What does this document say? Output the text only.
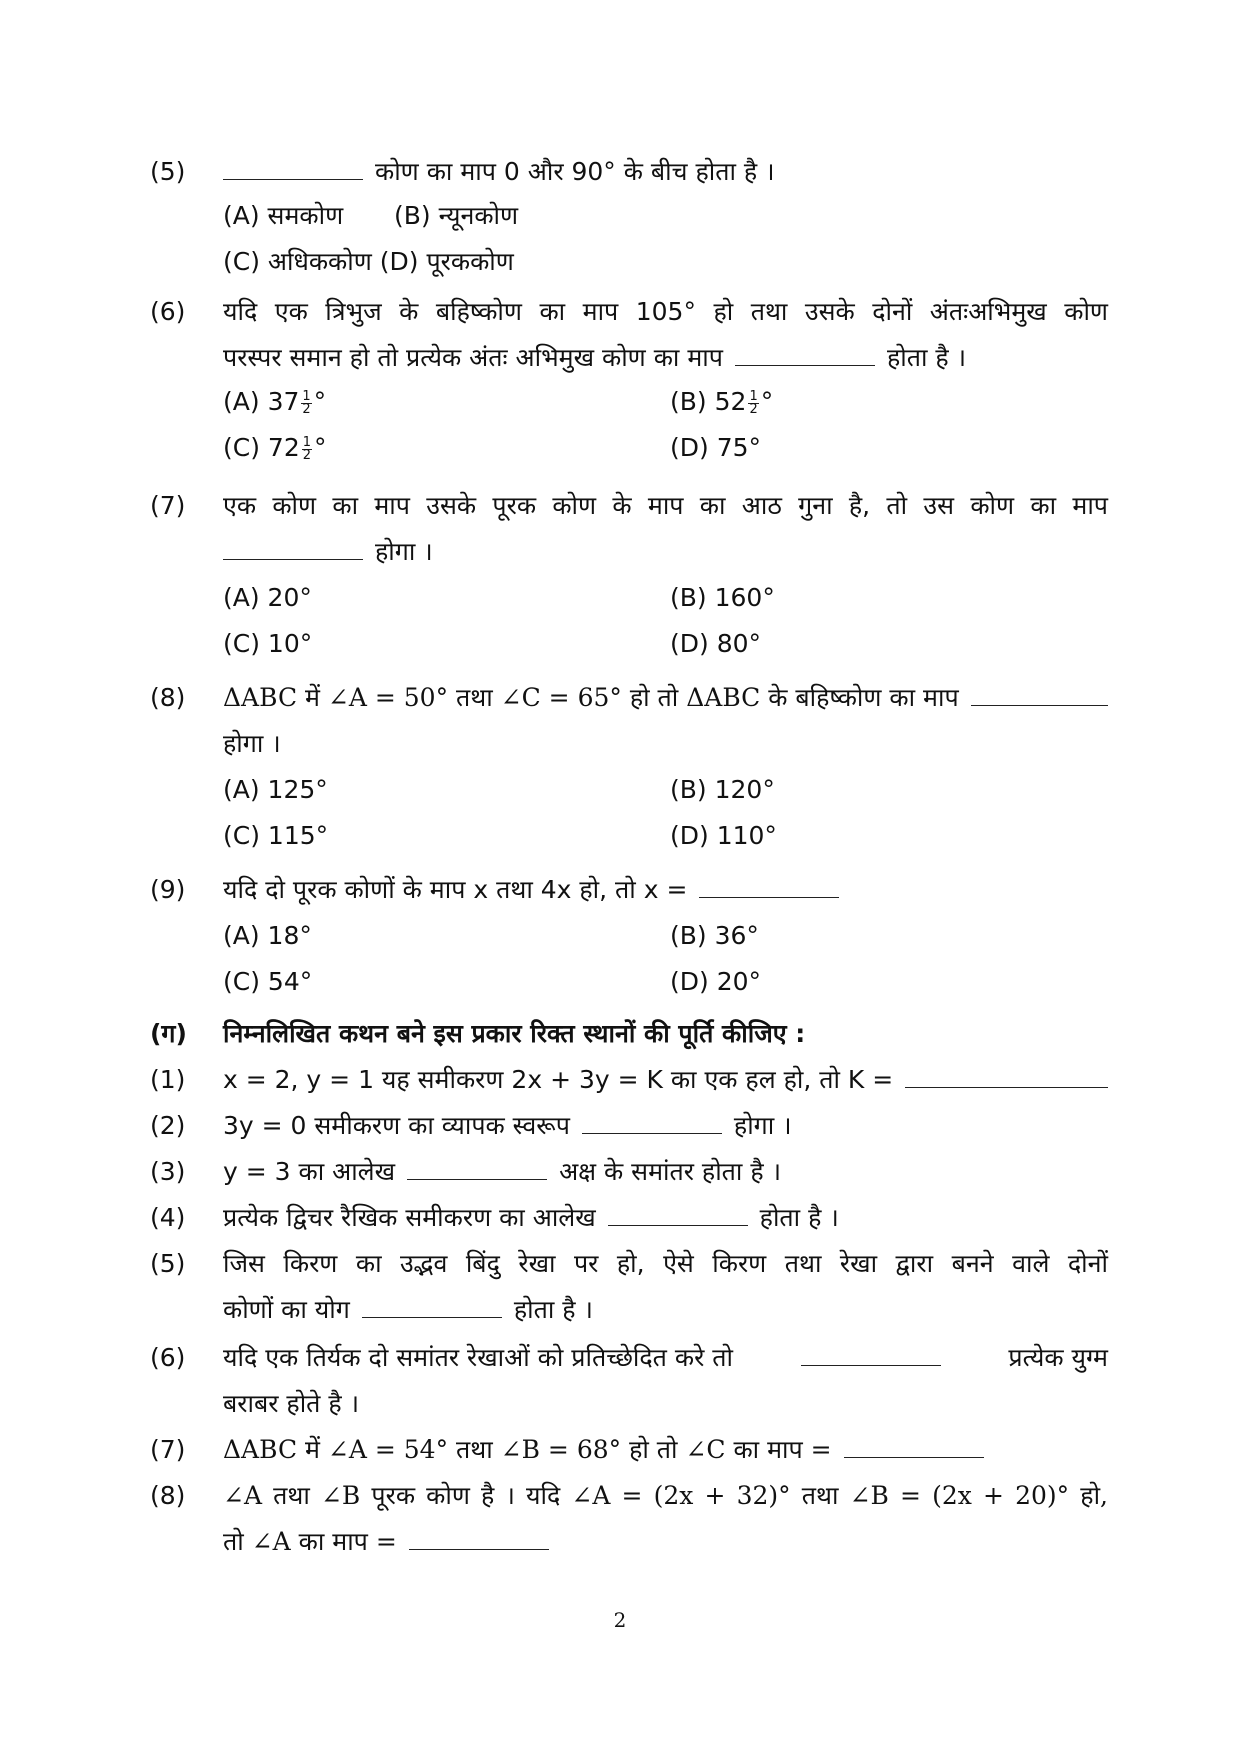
(5)	कोण का माप 0 और 90° के बीच होता है ।
(A) समकोण (B) न्यूनकोण
(C) अधिककोण (D) पूरककोण
(6) यदि एक त्रिभुज के बहिष्कोण का माप 105° हो तथा उसके दोनों अंतःअभिमुख कोण
परस्पर समान हो तो प्रत्येक अंतः अभिमुख कोण का माप	होता है ।
(A) $37 \frac{1}{2}$ °	(B) $52 \frac{1}{2}$ °
(C) $72 \frac{1}{2}$ °	(D) 75°
(7) एक कोण का माप उसके पूरक कोण के माप का आठ गुना है, तो उस कोण का माप
होगा ।
(A) 20°	(B) 160°
(C) 10°	(D) 80°
(8) ΔABC में ∠A = 50° तथा ∠C = 65° हो तो ΔABC के बहिष्कोण का माप
होगा ।
(A) 125°	(B) 120°
(C) 115°	(D) 110°
(9) यदि दो पूरक कोणों के माप x तथा 4x हो, तो x =
(A) 18°	(B) 36°
(C) 54°	(D) 20°
(ग) निम्नलिखित कथन बने इस प्रकार रिक्त स्थानों की पूर्ति कीजिए :
(1) x = 2, y = 1 यह समीकरण 2x + 3y = K का एक हल हो, तो K =
(2) 3y = 0 समीकरण का व्यापक स्वरूप	होगा ।
(3) y = 3 का आलेख	अक्ष के समांतर होता है ।
(4) प्रत्येक द्विचर रैखिक समीकरण का आलेख	होता है ।
(5) जिस किरण का उद्भव बिंदु रेखा पर हो, ऐसे किरण तथा रेखा द्वारा बनने वाले दोनों
कोणों का योग	होता है ।
(6) यदि एक तिर्यक दो समांतर रेखाओं को प्रतिच्छेदित करे तो	प्रत्येक युग्म
बराबर होते है ।
(7) ΔABC में ∠A = 54° तथा ∠B = 68° हो तो ∠C का माप =
(8) ∠A तथा ∠B पूरक कोण है । यदि ∠A = (2x + 32)° तथा ∠B = (2x + 20)° हो,
तो ∠A का माप =
2
